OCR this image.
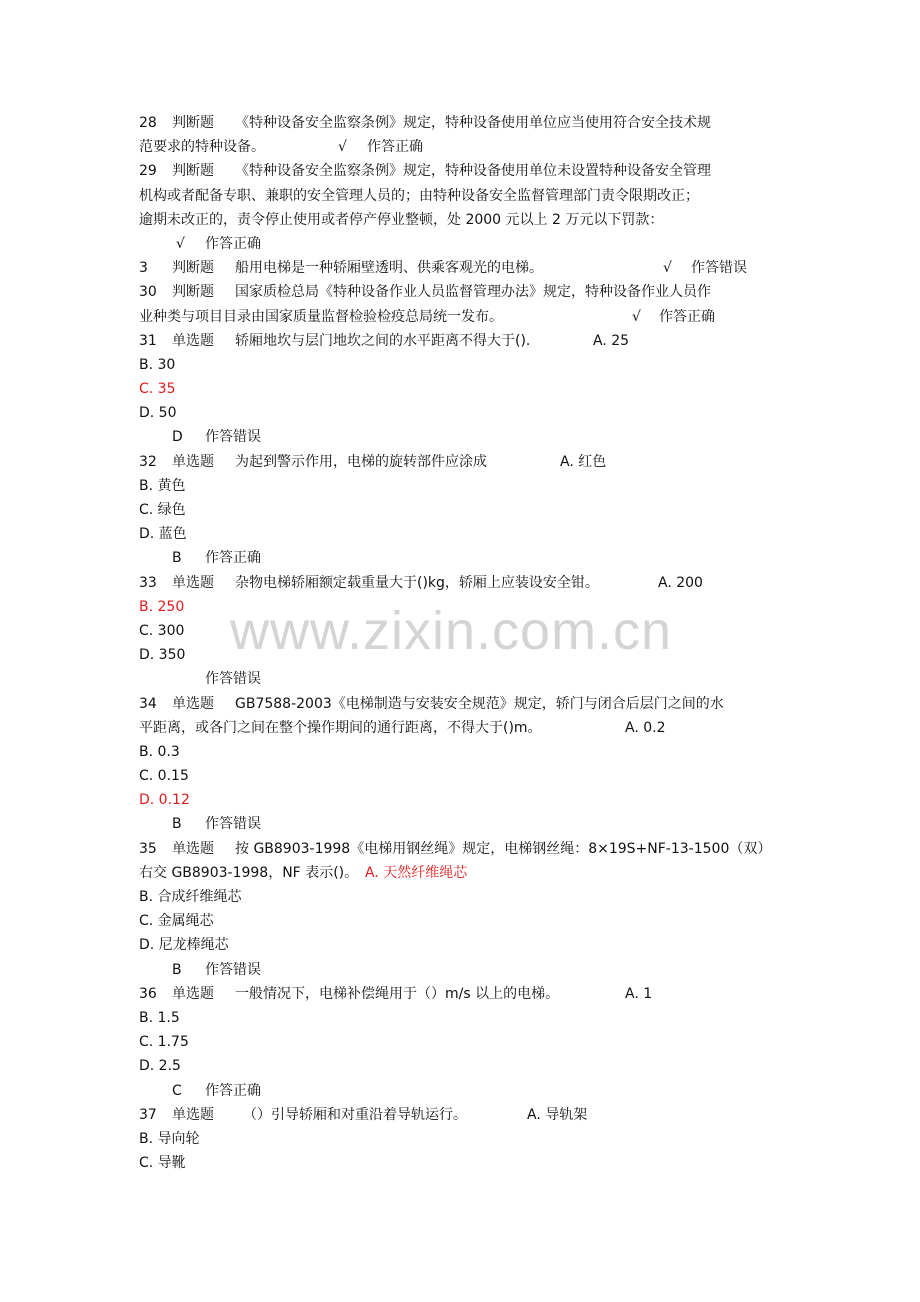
www.zixin.com.cn
28 判断题 《特种设备安全监察条例》规定，特种设备使用单位应当使用符合安全技术规
范要求的特种设备。	√ 作答正确
29 判断题 《特种设备安全监察条例》规定，特种设备使用单位未设置特种设备安全管理
机构或者配备专职、兼职的安全管理人员的；由特种设备安全监督管理部门责令限期改正；
逾期未改正的，责令停止使用或者停产停业整顿，处 2000 元以上 2 万元以下罚款：
√ 作答正确
3 判断题 船用电梯是一种轿厢壁透明、供乘客观光的电梯。	√ 作答错误
30 判断题 国家质检总局《特种设备作业人员监督管理办法》规定，特种设备作业人员作
业种类与项目目录由国家质量监督检验检疫总局统一发布。	√ 作答正确
31 单选题 轿厢地坎与层门地坎之间的水平距离不得大于().	A. 25
B. 30
C. 35
D. 50
D 作答错误
32 单选题 为起到警示作用，电梯的旋转部件应涂成	A. 红色
B. 黄色
C. 绿色
D. 蓝色
B 作答正确
33 单选题 杂物电梯轿厢额定载重量大于()kg，轿厢上应装设安全钳。	A. 200
B. 250
C. 300
D. 350
作答错误
34 单选题 GB7588-2003《电梯制造与安装安全规范》规定，轿门与闭合后层门之间的水
平距离，或各门之间在整个操作期间的通行距离，不得大于()m。	A. 0.2
B. 0.3
C. 0.15
D. 0.12
B 作答错误
35 单选题 按 GB8903-1998《电梯用钢丝绳》规定，电梯钢丝绳：8×19S+NF-13-1500（双）
右交 GB8903-1998，NF 表示()。 A. 天然纤维绳芯
B. 合成纤维绳芯
C. 金属绳芯
D. 尼龙棒绳芯
B 作答错误
36 单选题 一般情况下，电梯补偿绳用于（）m/s 以上的电梯。	A. 1
B. 1.5
C. 1.75
D. 2.5
C 作答正确
37 单选题 （）引导轿厢和对重沿着导轨运行。	A. 导轨架
B. 导向轮
C. 导靴
